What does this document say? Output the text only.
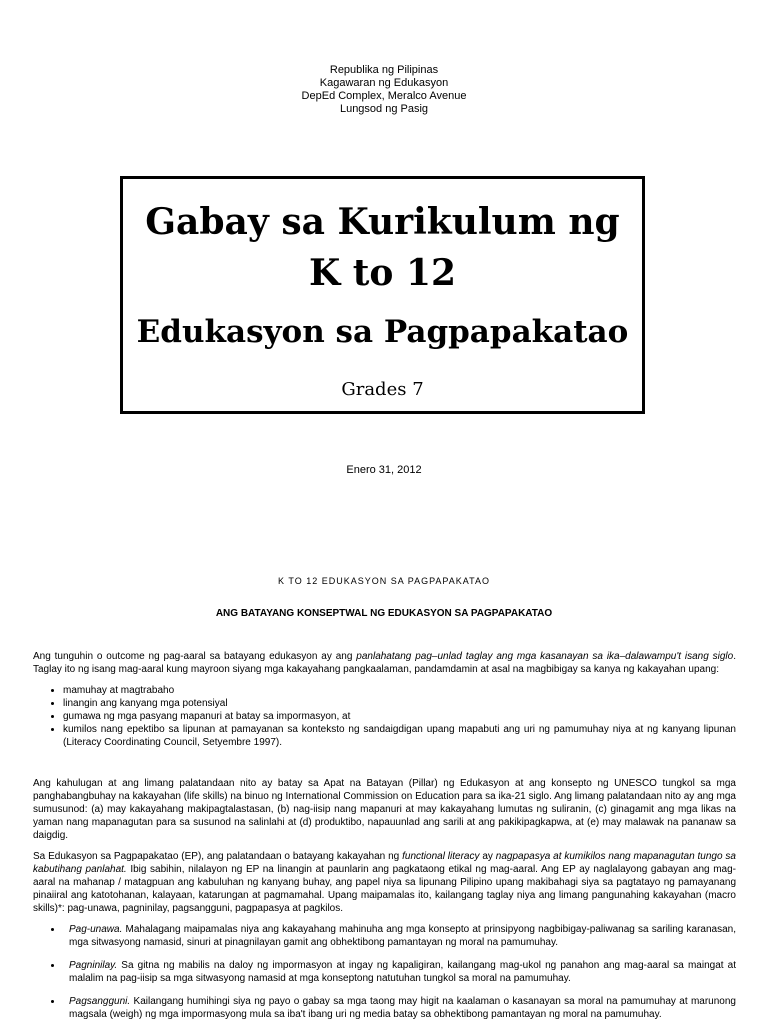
Republika ng Pilipinas
Kagawaran ng Edukasyon
DepEd Complex, Meralco Avenue
Lungsod ng Pasig
Gabay sa Kurikulum ng
K to 12
Edukasyon sa Pagpapakatao
Grades 7
Enero 31, 2012
K TO 12 EDUKASYON SA PAGPAPAKATAO
ANG BATAYANG KONSEPTWAL NG EDUKASYON SA PAGPAPAKATAO

Ang tunguhin o outcome ng pag-aaral sa batayang edukasyon ay ang panlahatang pag–unlad taglay ang mga kasanayan sa ika–dalawampu't isang siglo. Taglay ito ng isang mag-aaral kung mayroon siyang mga kakayahang pangkaalaman, pandamdamin at asal na magbibigay sa kanya ng kakayahan upang:

• mamuhay at magtrabaho
• linangin ang kanyang mga potensiyal
• gumawa ng mga pasyang mapanuri at batay sa impormasyon, at
• kumilos nang epektibo sa lipunan at pamayanan sa konteksto ng sandaigdigan upang mapabuti ang uri ng pamumuhay niya at ng kanyang lipunan (Literacy Coordinating Council, Setyembre 1997).

Ang kahulugan at ang limang palatandaan nito ay batay sa Apat na Batayan (Pillar) ng Edukasyon at ang konsepto ng UNESCO tungkol sa mga panghabangbuhay na kakayahan (life skills) na binuo ng International Commission on Education para sa ika-21 siglo. Ang limang palatandaan nito ay ang mga sumusunod: (a) may kakayahang makipagtalastasan, (b) nag-iisip nang mapanuri at may kakayahang lumutas ng suliranin, (c) ginagamit ang mga likas na yaman nang mapanagutan para sa susunod na salinlahi at (d) produktibo, napauunlad ang sarili at ang pakikipagkapwa, at (e) may malawak na pananaw sa daigdig.

Sa Edukasyon sa Pagpapakatao (EP), ang palatandaan o batayang kakayahan ng functional literacy ay nagpapasya at kumikilos nang mapanagutan tungo sa kabutihang panlahat. Ibig sabihin, nilalayon ng EP na linangin at paunlarin ang pagkataong etikal ng mag-aaral. Ang EP ay naglalayong gabayan ang mag-aaral na mahanap / matagpuan ang kabuluhan ng kanyang buhay, ang papel niya sa lipunang Pilipino upang makibahagi siya sa pagtatayo ng pamayanang pinaiiral ang katotohanan, kalayaan, katarungan at pagmamahal. Upang maipamalas ito, kailangang taglay niya ang limang pangunahing kakayahan (macro skills)*: pag-unawa, pagninilay, pagsangguni, pagpapasya at pagkilos.

• Pag-unawa. Mahalagang maipamalas niya ang kakayahang mahinuha ang mga konsepto at prinsipyong nagbibigay-paliwanag sa sariling karanasan, mga sitwasyong namasid, sinuri at pinagnilayan gamit ang obhektibong pamantayan ng moral na pamumuhay.
• Pagninilay. Sa gitna ng mabilis na daloy ng impormasyon at ingay ng kapaligiran, kailangang mag-ukol ng panahon ang mag-aaral sa maingat at malalim na pag-iisip sa mga sitwasyong namasid at mga konseptong natutuhan tungkol sa moral na pamumuhay.
• Pagsangguni. Kailangang humihingi siya ng payo o gabay sa mga taong may higit na kaalaman o kasanayan sa moral na pamumuhay at marunong magsala (weigh) ng mga impormasyong mula sa iba't ibang uri ng media batay sa obhektibong pamantayan ng moral na pamumuhay.
